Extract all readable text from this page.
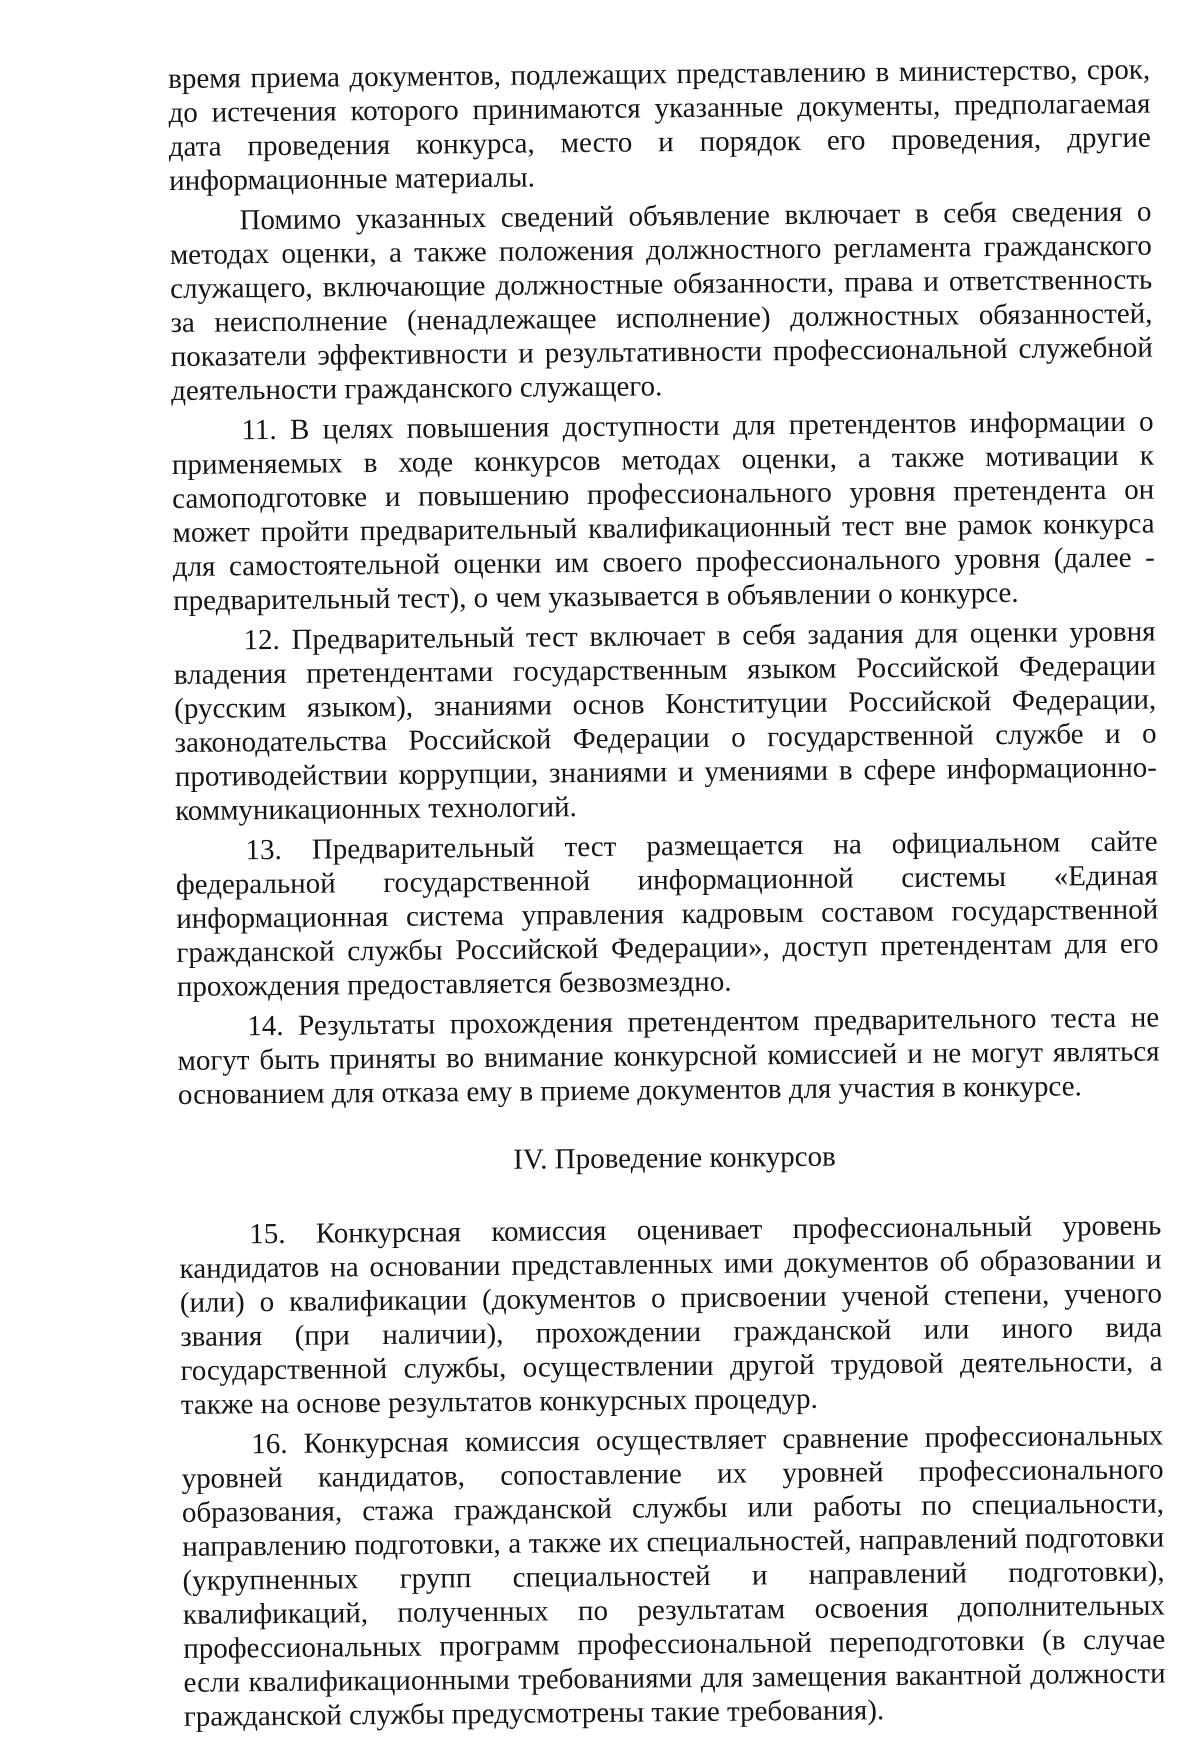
время приема документов, подлежащих представлению в министерство, срок, до истечения которого принимаются указанные документы, предполагаемая дата проведения конкурса, место и порядок его проведения, другие информационные материалы.

Помимо указанных сведений объявление включает в себя сведения о методах оценки, а также положения должностного регламента гражданского служащего, включающие должностные обязанности, права и ответственность за неисполнение (ненадлежащее исполнение) должностных обязанностей, показатели эффективности и результативности профессиональной служебной деятельности гражданского служащего.

11. В целях повышения доступности для претендентов информации о применяемых в ходе конкурсов методах оценки, а также мотивации к самоподготовке и повышению профессионального уровня претендента он может пройти предварительный квалификационный тест вне рамок конкурса для самостоятельной оценки им своего профессионального уровня (далее - предварительный тест), о чем указывается в объявлении о конкурсе.

12. Предварительный тест включает в себя задания для оценки уровня владения претендентами государственным языком Российской Федерации (русским языком), знаниями основ Конституции Российской Федерации, законодательства Российской Федерации о государственной службе и о противодействии коррупции, знаниями и умениями в сфере информационно-коммуникационных технологий.

13. Предварительный тест размещается на официальном сайте федеральной государственной информационной системы «Единая информационная система управления кадровым составом государственной гражданской службы Российской Федерации», доступ претендентам для его прохождения предоставляется безвозмездно.

14. Результаты прохождения претендентом предварительного теста не могут быть приняты во внимание конкурсной комиссией и не могут являться основанием для отказа ему в приеме документов для участия в конкурсе.

IV. Проведение конкурсов

15. Конкурсная комиссия оценивает профессиональный уровень кандидатов на основании представленных ими документов об образовании и (или) о квалификации (документов о присвоении ученой степени, ученого звания (при наличии), прохождении гражданской или иного вида государственной службы, осуществлении другой трудовой деятельности, а также на основе результатов конкурсных процедур.

16. Конкурсная комиссия осуществляет сравнение профессиональных уровней кандидатов, сопоставление их уровней профессионального образования, стажа гражданской службы или работы по специальности, направлению подготовки, а также их специальностей, направлений подготовки (укрупненных групп специальностей и направлений подготовки), квалификаций, полученных по результатам освоения дополнительных профессиональных программ профессиональной переподготовки (в случае если квалификационными требованиями для замещения вакантной должности гражданской службы предусмотрены такие требования).
